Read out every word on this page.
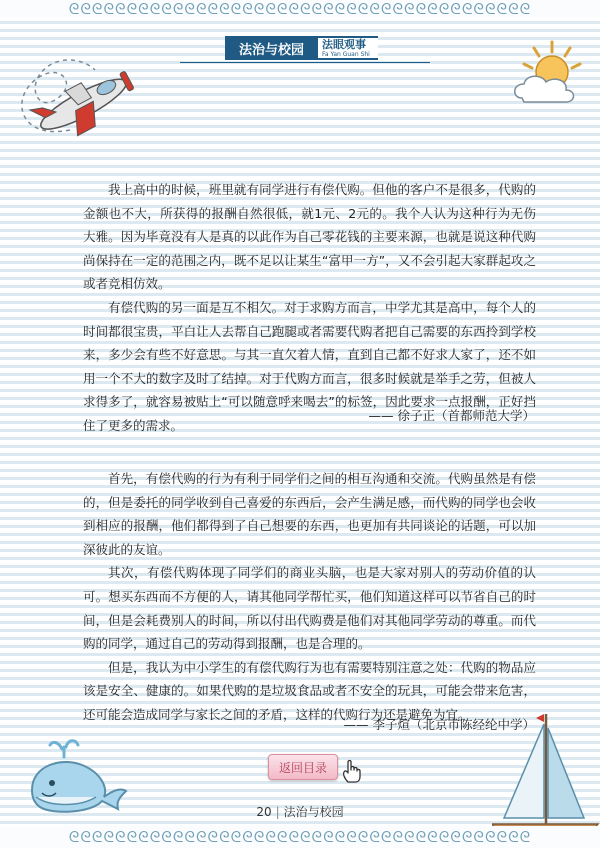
ᘓᘓᘓᘓᘓᘓᘓᘓᘓᘓᘓᘓᘓᘓᘓᘓᘓᘓᘓᘓᘓᘓᘓᘓᘓᘓᘓᘓᘓᘓᘓᘓᘓᘓᘓᘓᘓᘓᘓᘓ
法治与校园	法眼观事
Fa Yan Guan Shi

我上高中的时候，班里就有同学进行有偿代购。但他的客户不是很多，代购的金额也不大，所获得的报酬自然很低，就1元、2元的。我个人认为这种行为无伤大雅。因为毕竟没有人是真的以此作为自己零花钱的主要来源，也就是说这种代购尚保持在一定的范围之内，既不足以让某生“富甲一方”，又不会引起大家群起攻之或者竞相仿效。

有偿代购的另一面是互不相欠。对于求购方而言，中学尤其是高中，每个人的时间都很宝贵，平白让人去帮自己跑腿或者需要代购者把自己需要的东西拎到学校来，多少会有些不好意思。与其一直欠着人情，直到自己都不好求人家了，还不如用一个不大的数字及时了结掉。对于代购方而言，很多时候就是举手之劳，但被人求得多了，就容易被贴上“可以随意呼来喝去”的标签，因此要求一点报酬，正好挡住了更多的需求。

—— 徐子正（首都师范大学）

首先，有偿代购的行为有利于同学们之间的相互沟通和交流。代购虽然是有偿的，但是委托的同学收到自己喜爱的东西后，会产生满足感，而代购的同学也会收到相应的报酬，他们都得到了自己想要的东西，也更加有共同谈论的话题，可以加深彼此的友谊。

其次，有偿代购体现了同学们的商业头脑，也是大家对别人的劳动价值的认可。想买东西而不方便的人，请其他同学帮忙买，他们知道这样可以节省自己的时间，但是会耗费别人的时间，所以付出代购费是他们对其他同学劳动的尊重。而代购的同学，通过自己的劳动得到报酬，也是合理的。

但是，我认为中小学生的有偿代购行为也有需要特别注意之处：代购的物品应该是安全、健康的。如果代购的是垃圾食品或者不安全的玩具，可能会带来危害，还可能会造成同学与家长之间的矛盾，这样的代购行为还是避免为宜。

—— 李子煊（北京市陈经纶中学）
返回目录
20 | 法治与校园
ᘓᘓᘓᘓᘓᘓᘓᘓᘓᘓᘓᘓᘓᘓᘓᘓᘓᘓᘓᘓᘓᘓᘓᘓᘓᘓᘓᘓᘓᘓᘓᘓᘓᘓᘓᘓᘓᘓᘓᘓ
